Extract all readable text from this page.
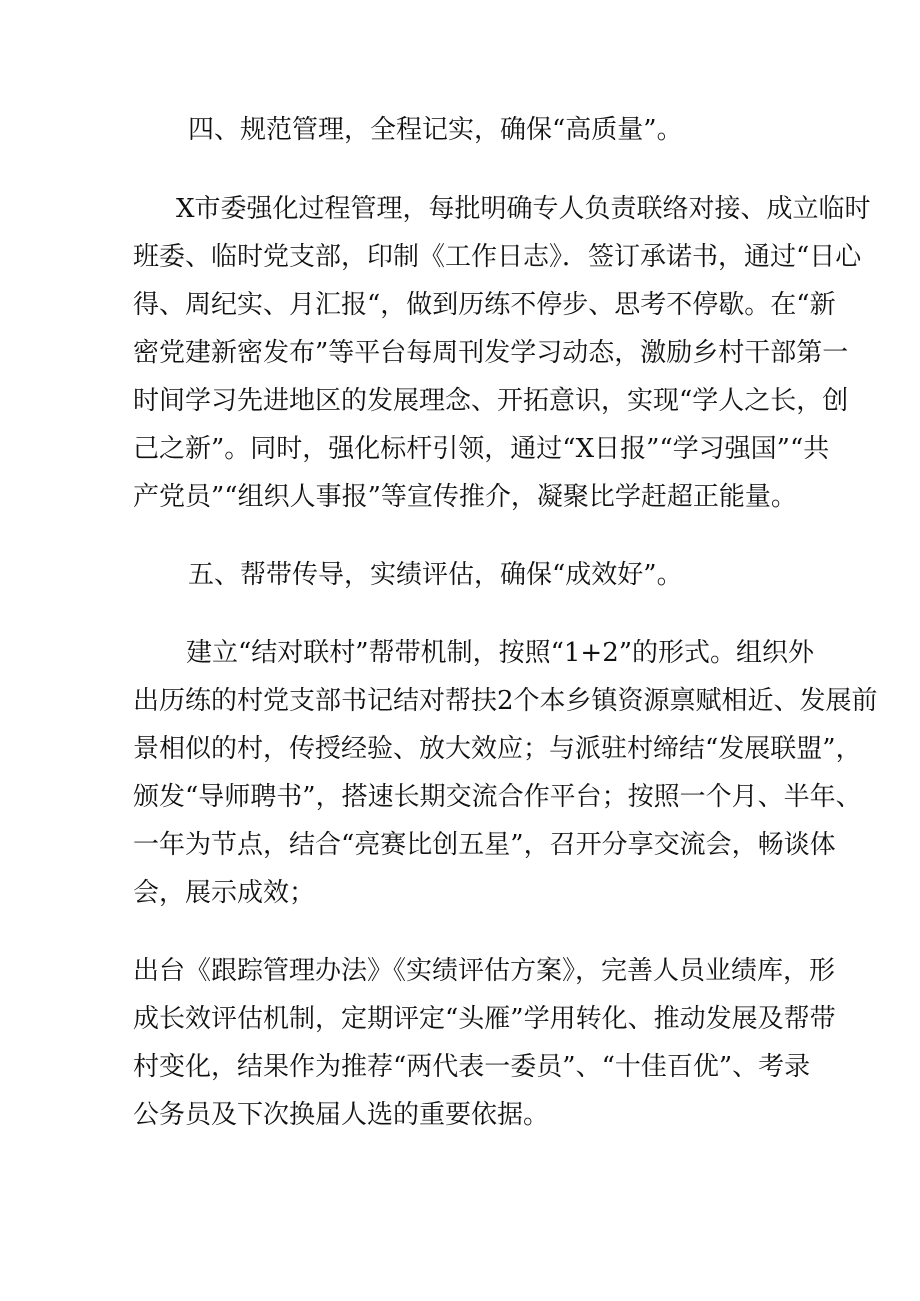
四、规范管理，全程记实，确保“高质量”。

X市委强化过程管理，每批明确专人负责联络对接、成立临时

班委、临时党支部，印制《工作日志》．签订承诺书，通过“日心

得、周纪实、月汇报“，做到历练不停步、思考不停歇。在“新

密党建新密发布”等平台每周刊发学习动态，激励乡村干部第一

时间学习先进地区的发展理念、开拓意识，实现“学人之长，创

己之新”。同时，强化标杆引领，通过“X日报”“学习强国”“共

产党员”“组织人事报”等宣传推介，凝聚比学赶超正能量。

五、帮带传导，实绩评估，确保“成效好”。

建立“结对联村”帮带机制，按照“1+2”的形式。组织外

出历练的村党支部书记结对帮扶2个本乡镇资源禀赋相近、发展前

景相似的村，传授经验、放大效应；与派驻村缔结“发展联盟”，

颁发“导师聘书”，搭速长期交流合作平台；按照一个月、半年、

一年为节点，结合“亮赛比创五星”，召开分享交流会，畅谈体

会，展示成效；

出台《跟踪管理办法》《实绩评估方案》，完善人员业绩库，形

成长效评估机制，定期评定“头雁”学用转化、推动发展及帮带

村变化，结果作为推荐“两代表一委员”、“十佳百优”、考录

公务员及下次换届人选的重要依据。
